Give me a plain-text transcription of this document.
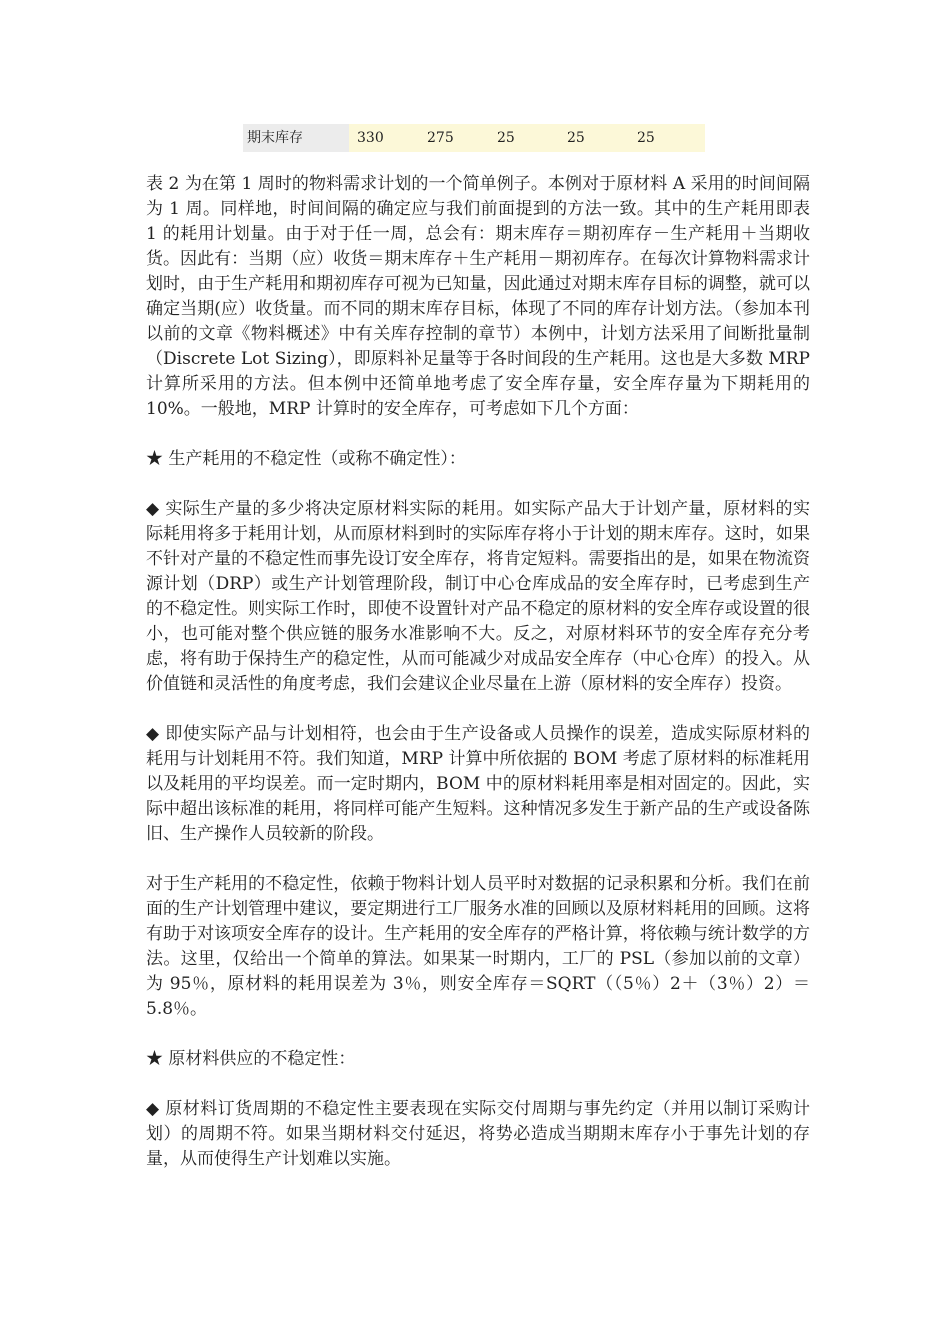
期末库存	330	275	25	25	25

表 2 为在第 1 周时的物料需求计划的一个简单例子。本例对于原材料 A 采用的时间间隔为 1 周。同样地，时间间隔的确定应与我们前面提到的方法一致。其中的生产耗用即表 1 的耗用计划量。由于对于任一周，总会有：期末库存＝期初库存－生产耗用＋当期收货。因此有：当期（应）收货＝期末库存＋生产耗用－期初库存。在每次计算物料需求计划时，由于生产耗用和期初库存可视为已知量，因此通过对期末库存目标的调整，就可以确定当期(应）收货量。而不同的期末库存目标，体现了不同的库存计划方法。（参加本刊以前的文章《物料概述》中有关库存控制的章节）本例中，计划方法采用了间断批量制（Discrete Lot Sizing），即原料补足量等于各时间段的生产耗用。这也是大多数 MRP 计算所采用的方法。但本例中还简单地考虑了安全库存量，安全库存量为下期耗用的 10%。一般地，MRP 计算时的安全库存，可考虑如下几个方面：

★ 生产耗用的不稳定性（或称不确定性）：

◆ 实际生产量的多少将决定原材料实际的耗用。如实际产品大于计划产量，原材料的实际耗用将多于耗用计划，从而原材料到时的实际库存将小于计划的期末库存。这时，如果不针对产量的不稳定性而事先设订安全库存，将肯定短料。需要指出的是，如果在物流资源计划（DRP）或生产计划管理阶段，制订中心仓库成品的安全库存时，已考虑到生产的不稳定性。则实际工作时，即使不设置针对产品不稳定的原材料的安全库存或设置的很小，也可能对整个供应链的服务水准影响不大。反之，对原材料环节的安全库存充分考虑，将有助于保持生产的稳定性，从而可能减少对成品安全库存（中心仓库）的投入。从价值链和灵活性的角度考虑，我们会建议企业尽量在上游（原材料的安全库存）投资。

◆ 即使实际产品与计划相符，也会由于生产设备或人员操作的误差，造成实际原材料的耗用与计划耗用不符。我们知道，MRP 计算中所依据的 BOM 考虑了原材料的标准耗用以及耗用的平均误差。而一定时期内，BOM 中的原材料耗用率是相对固定的。因此，实际中超出该标准的耗用，将同样可能产生短料。这种情况多发生于新产品的生产或设备陈旧、生产操作人员较新的阶段。

对于生产耗用的不稳定性，依赖于物料计划人员平时对数据的记录积累和分析。我们在前面的生产计划管理中建议，要定期进行工厂服务水准的回顾以及原材料耗用的回顾。这将有助于对该项安全库存的设计。生产耗用的安全库存的严格计算，将依赖与统计数学的方法。这里，仅给出一个简单的算法。如果某一时期内，工厂的 PSL（参加以前的文章）为 95％，原材料的耗用误差为 3％，则安全库存＝SQRT（（5％）2＋（3％）2）＝5.8％。

★ 原材料供应的不稳定性：

◆ 原材料订货周期的不稳定性主要表现在实际交付周期与事先约定（并用以制订采购计划）的周期不符。如果当期材料交付延迟，将势必造成当期期末库存小于事先计划的存量，从而使得生产计划难以实施。
